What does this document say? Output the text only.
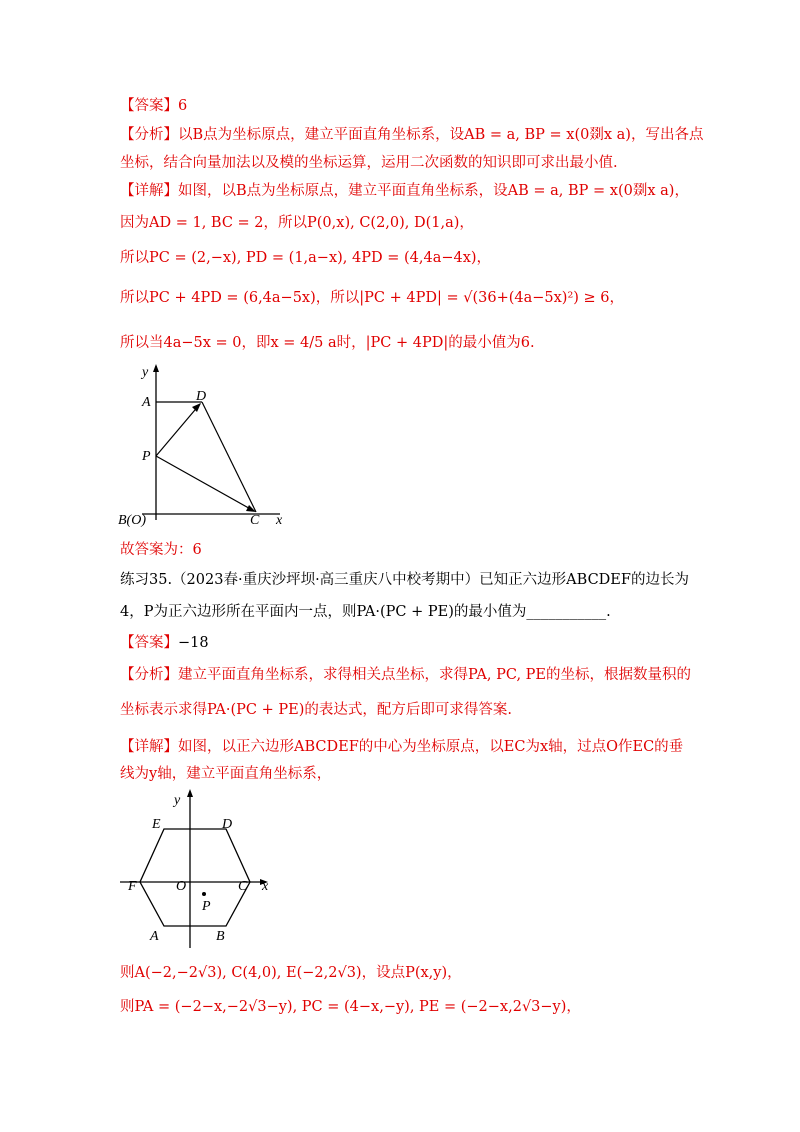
【答案】6
【分析】以B点为坐标原点，建立平面直角坐标系，设AB = a, BP = x(0剟x a)，写出各点
坐标，结合向量加法以及模的坐标运算，运用二次函数的知识即可求出最小值.
【详解】如图，以B点为坐标原点，建立平面直角坐标系，设AB = a, BP = x(0剟x a)，
因为AD = 1, BC = 2，所以P(0,x), C(2,0), D(1,a)，
所以PC = (2,−x), PD = (1,a−x), 4PD = (4,4a−4x)，
所以PC + 4PD = (6,4a−5x)，所以|PC + 4PD| = √(36+(4a−5x)²) ≥ 6，
所以当4a−5x = 0，即x = 4/5 a时，|PC + 4PD|的最小值为6.
y
A	D
P
B(O)	C x
故答案为：6
练习35.（2023春·重庆沙坪坝·高三重庆八中校考期中）已知正六边形ABCDEF的边长为
4，P为正六边形所在平面内一点，则PA·(PC + PE)的最小值为___________.
【答案】−18
【分析】建立平面直角坐标系，求得相关点坐标，求得PA, PC, PE的坐标，根据数量积的
坐标表示求得PA·(PC + PE)的表达式，配方后即可求得答案.
【详解】如图，以正六边形ABCDEF的中心为坐标原点，以EC为x轴，过点O作EC的垂
线为y轴，建立平面直角坐标系，
y
E	D
F	O	C x
P
A	B
则A(−2,−2√3), C(4,0), E(−2,2√3)，设点P(x,y)，
则PA = (−2−x,−2√3−y), PC = (4−x,−y), PE = (−2−x,2√3−y)，
